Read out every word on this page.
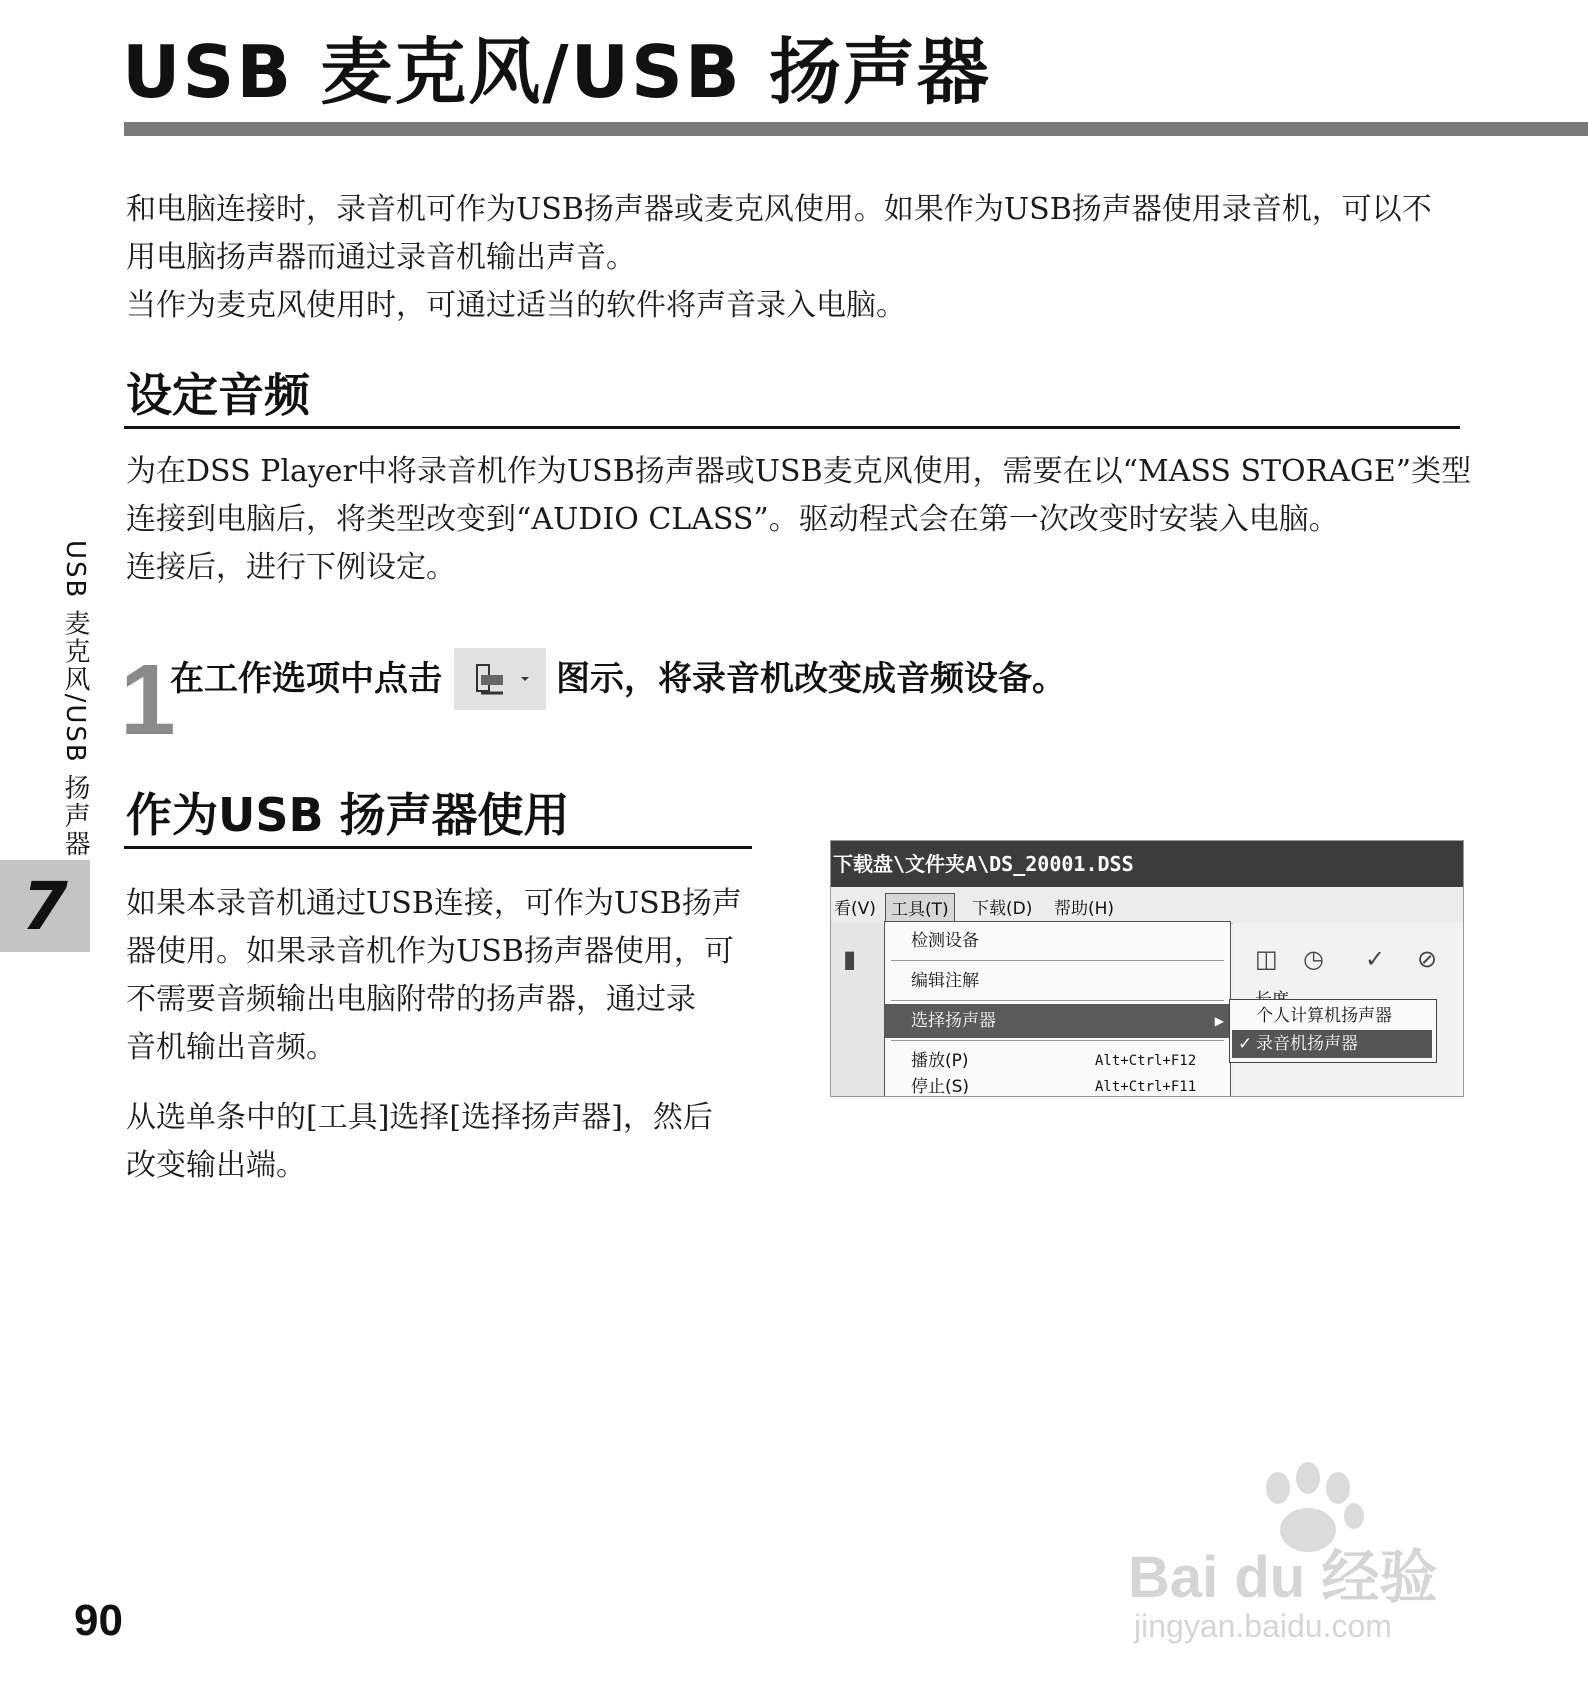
USB 麦克风/USB 扬声器

和电脑连接时，录音机可作为USB扬声器或麦克风使用。如果作为USB扬声器使用录音机，可以不

用电脑扬声器而通过录音机输出声音。

当作为麦克风使用时，可通过适当的软件将声音录入电脑。

设定音频

为在DSS Player中将录音机作为USB扬声器或USB麦克风使用，需要在以“MASS STORAGE”类型

连接到电脑后，将类型改变到“AUDIO CLASS”。驱动程式会在第一次改变时安装入电脑。

连接后，进行下例设定。

1
在工作选项中点击	图示，将录音机改变成音频设备。
作为USB 扬声器使用

如果本录音机通过USB连接，可作为USB扬声

器使用。如果录音机作为USB扬声器使用，可

不需要音频输出电脑附带的扬声器，通过录

音机输出音频。

从选单条中的[工具]选择[选择扬声器]，然后

改变输出端。

下载盘\文件夹A\DS_20001.DSS
看(V) 工具(T)	下载(D) 帮助(H)
▮	◫ ◷ ✓ ⊘
检测设备
编辑注解
选择扬声器	▶
播放(P)	Alt+Ctrl+F12
停止(S)	Alt+Ctrl+F11
个人计算机扬声器
✓ 录音机扬声器
USB 麦克风/USB 扬声器
7
90
Bai du 经验
jingyan.baidu.com
